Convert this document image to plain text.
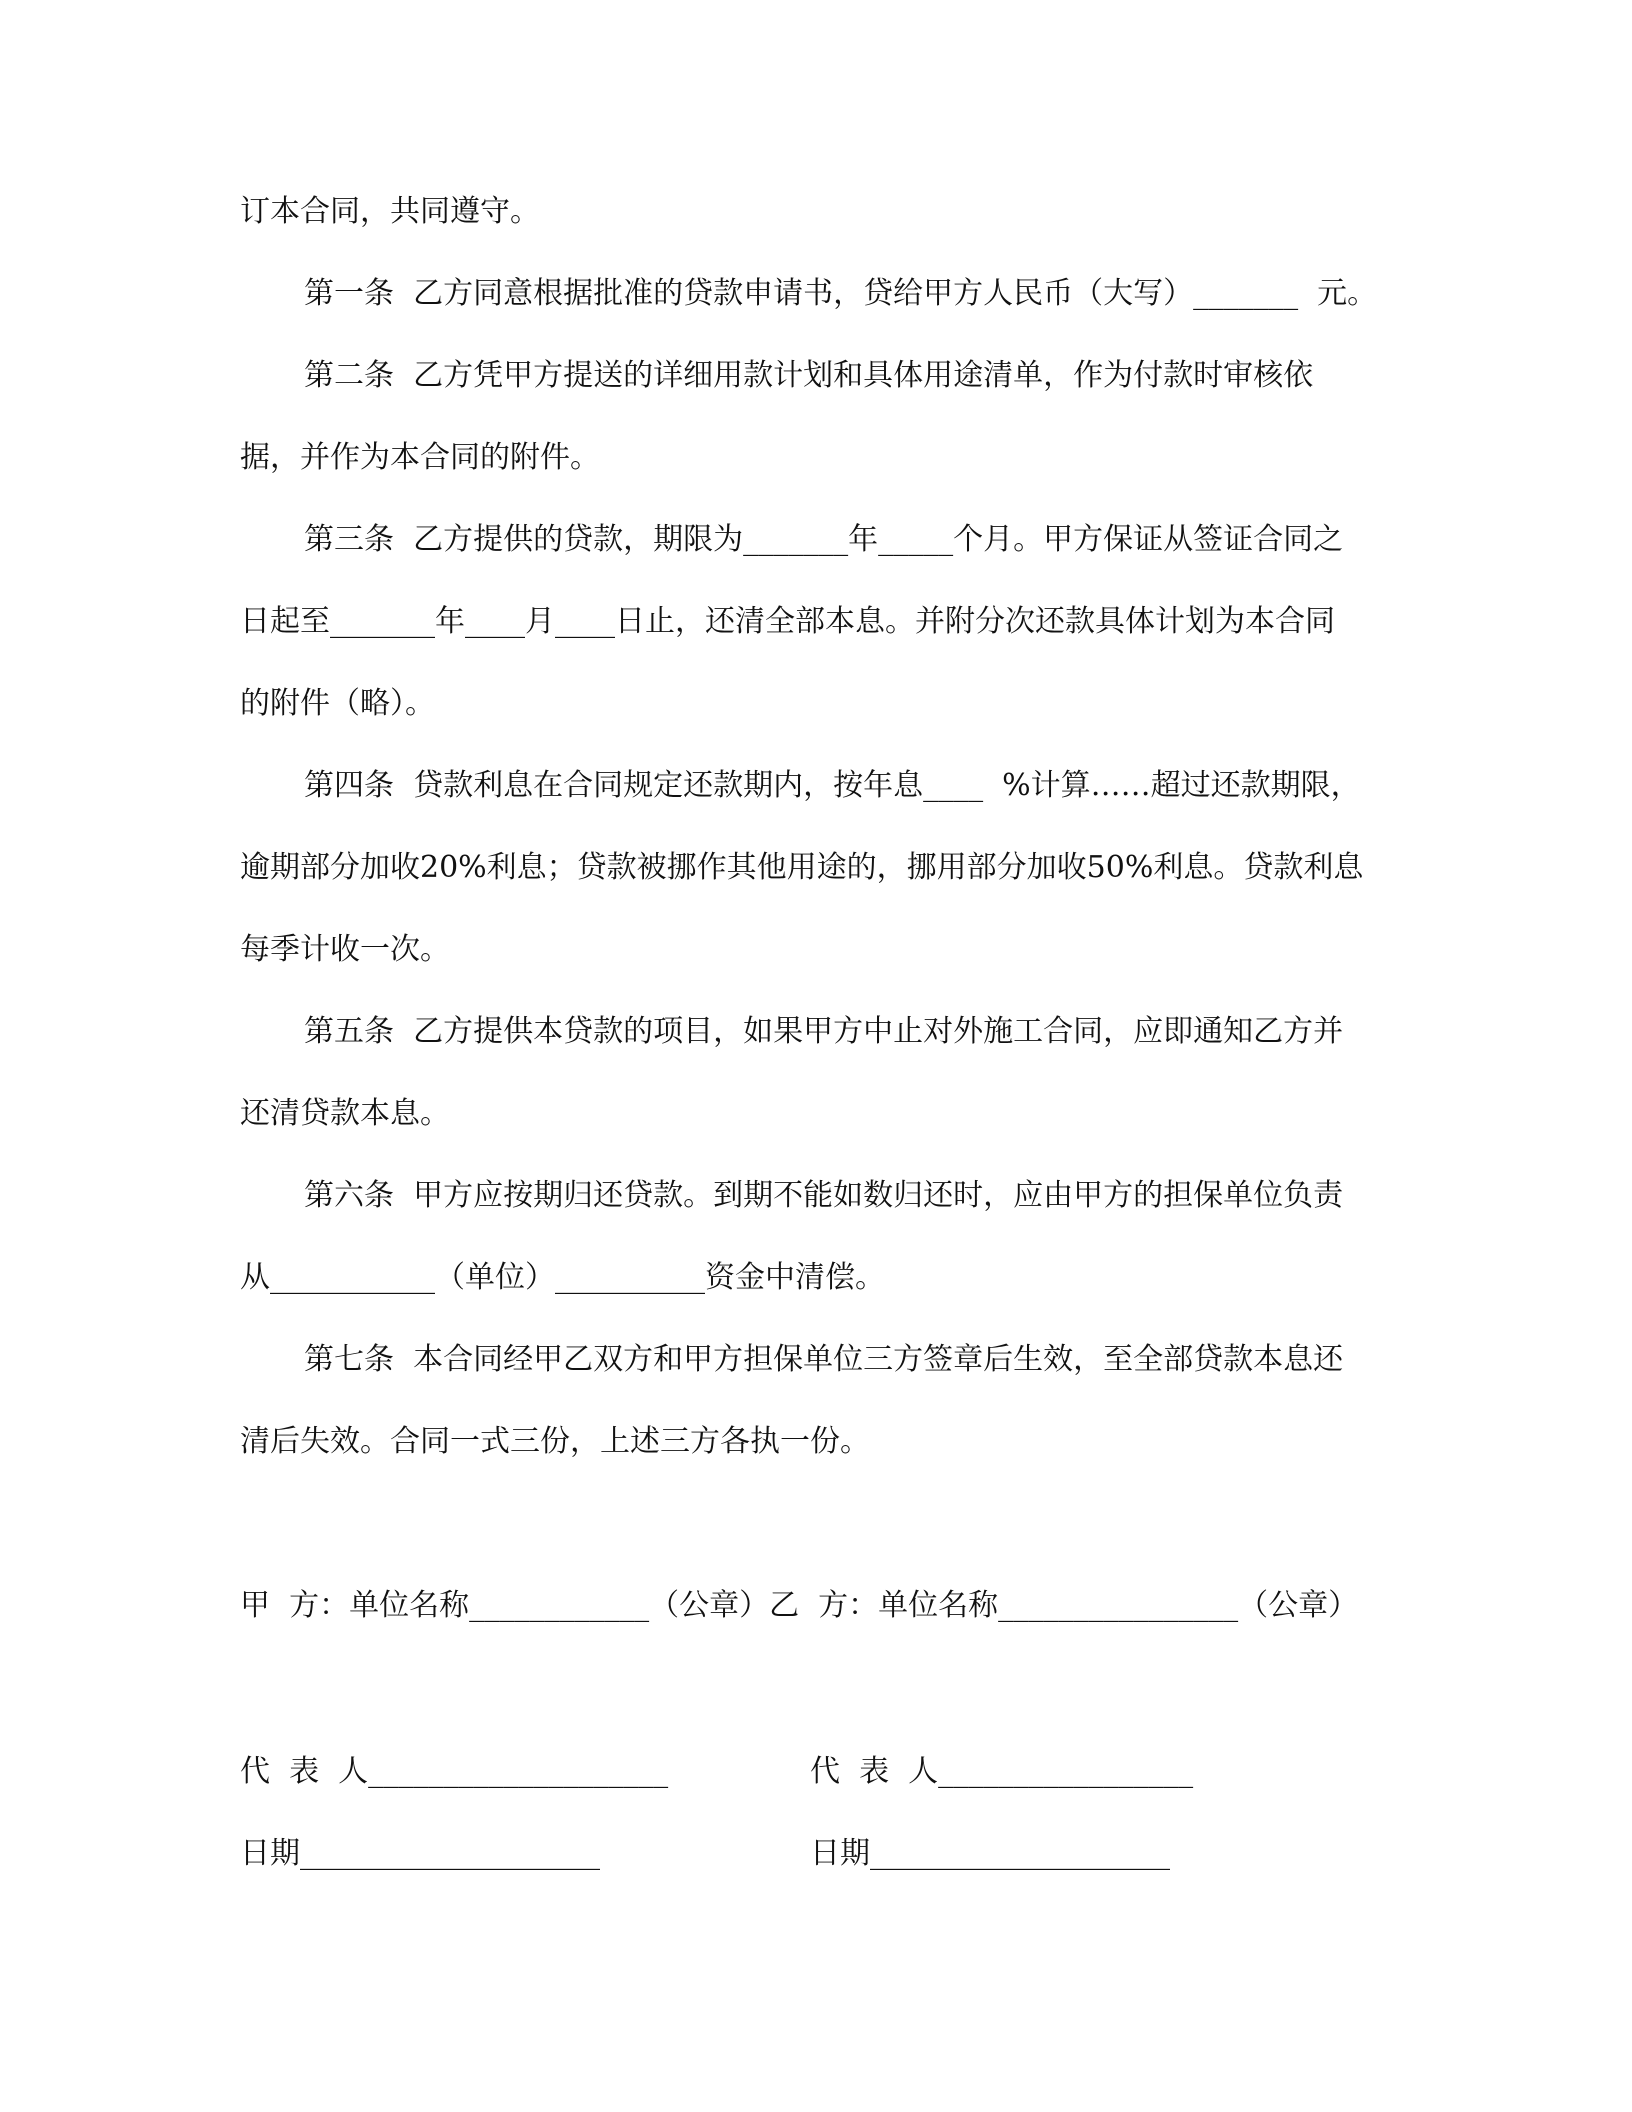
订本合同，共同遵守。
第一条  乙方同意根据批准的贷款申请书，贷给甲方人民币（大写）_______  元。
第二条  乙方凭甲方提送的详细用款计划和具体用途清单，作为付款时审核依
据，并作为本合同的附件。
第三条  乙方提供的贷款，期限为_______年_____个月。甲方保证从签证合同之
日起至_______年____月____日止，还清全部本息。并附分次还款具体计划为本合同
的附件（略）。
第四条  贷款利息在合同规定还款期内，按年息____  %计算……超过还款期限，
逾期部分加收20%利息；贷款被挪作其他用途的，挪用部分加收50%利息。贷款利息
每季计收一次。
第五条  乙方提供本贷款的项目，如果甲方中止对外施工合同，应即通知乙方并
还清贷款本息。
第六条  甲方应按期归还贷款。到期不能如数归还时，应由甲方的担保单位负责
从___________（单位）__________资金中清偿。
第七条  本合同经甲乙双方和甲方担保单位三方签章后生效，至全部贷款本息还
清后失效。合同一式三份，上述三方各执一份。
甲  方：单位名称____________（公章）乙  方：单位名称________________（公章）
代  表  人____________________	代  表  人_________________
日期____________________	日期____________________
